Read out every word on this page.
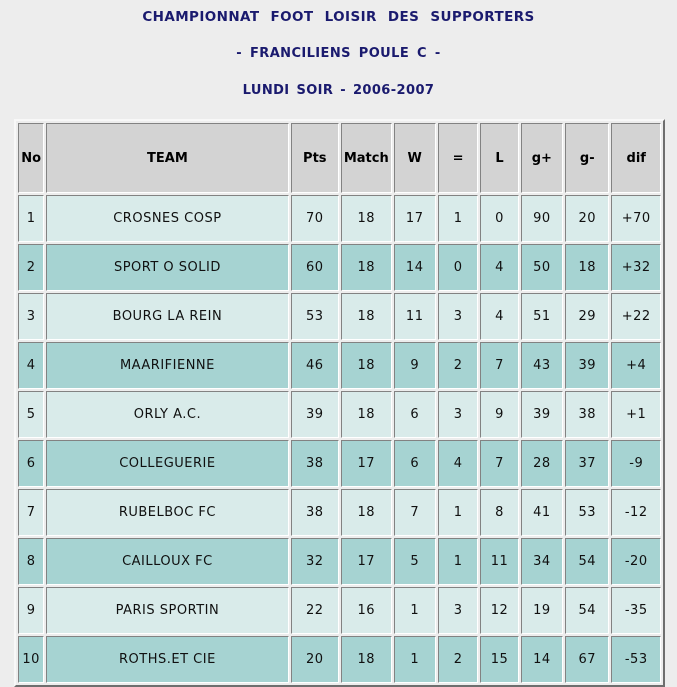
CHAMPIONNAT FOOT LOISIR DES SUPPORTERS
- FRANCILIENS POULE C -
LUNDI SOIR - 2006-2007
No	TEAM	Pts	Match	W	=	L	g+	g-	dif
1	CROSNES COSP	70	18	17	1	0	90	20	+70
2	SPORT O SOLID	60	18	14	0	4	50	18	+32
3	BOURG LA REIN	53	18	11	3	4	51	29	+22
4	MAARIFIENNE	46	18	9	2	7	43	39	+4
5	ORLY A.C.	39	18	6	3	9	39	38	+1
6	COLLEGUERIE	38	17	6	4	7	28	37	-9
7	RUBELBOC FC	38	18	7	1	8	41	53	-12
8	CAILLOUX FC	32	17	5	1	11	34	54	-20
9	PARIS SPORTIN	22	16	1	3	12	19	54	-35
10	ROTHS.ET CIE	20	18	1	2	15	14	67	-53
